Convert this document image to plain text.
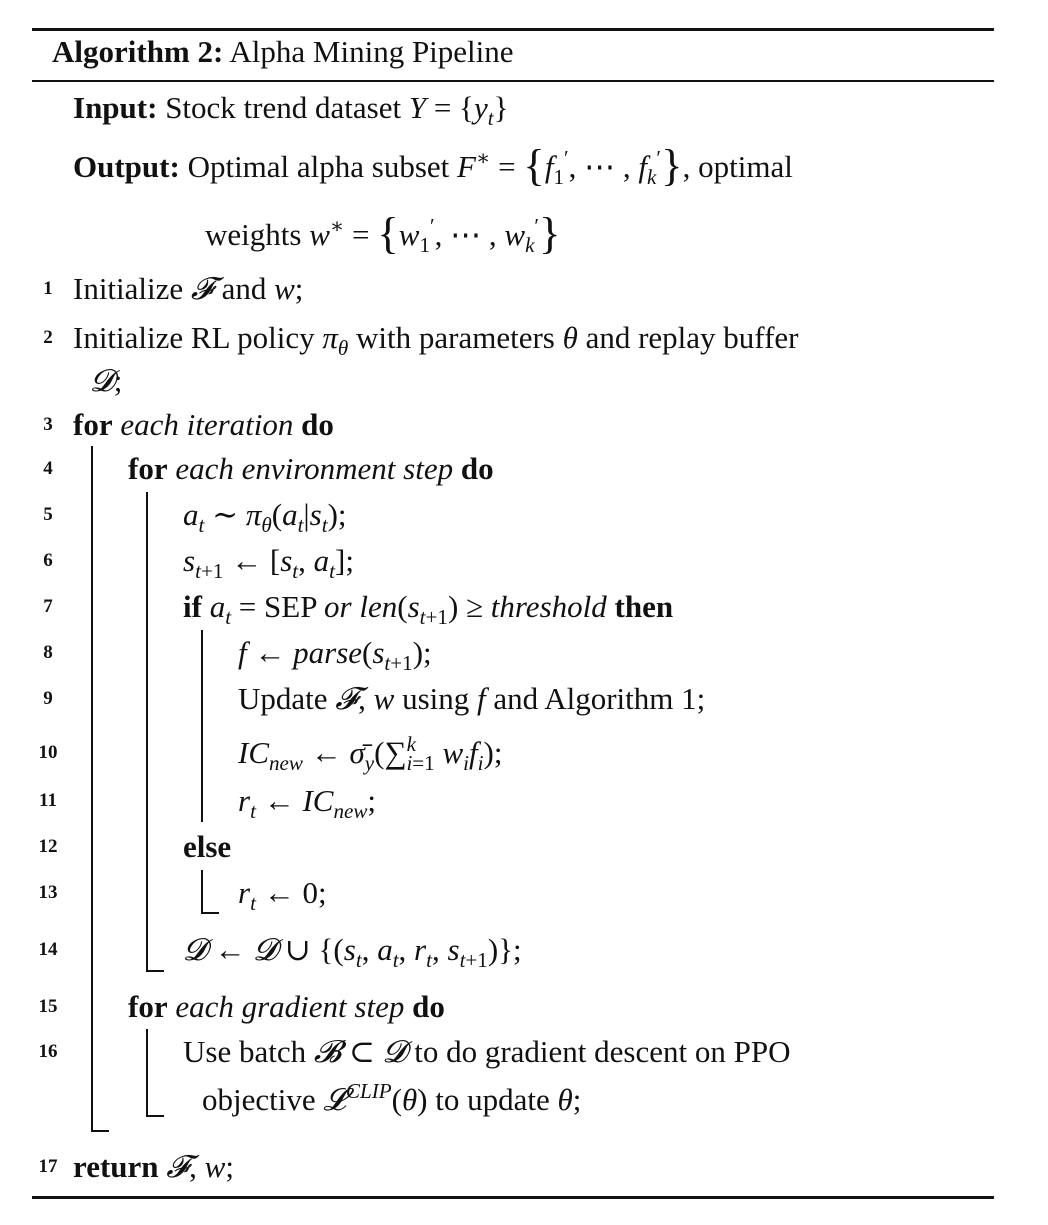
Algorithm 2: Alpha Mining Pipeline
Input: Stock trend dataset $Y = \{y_t\}$
Output: Optimal alpha subset $F^∗ = \{f_1'$, ⋯ , $f_k'$}, optimal
weights $w^∗ = \{w_1'$, ⋯ , $w_k'$}
1
2
3
4
5
6
7
8
9
10
11
12
13
14
15
16
17
Initialize 𝓕 and w;
Initialize RL policy $\pi_\theta$ with parameters θ and replay buffer
𝓓;
for each iteration do
for each environment step do
$a_t$ ∼ $\pi_\theta(a_t|s_t)$;
$s_{t+1}$ ← [$s_t$, $a_t$];
if $a_t$ = SEP or $len(s_{t+1})$ ≥ threshold then
f ← $parse(s_{t+1})$;
Update 𝓕, w using f and Algorithm 1;
$IC_{new}$ ← $\sigmā_y(\sum^k_{i=1}$ $w_if_i$);
$r_t$ ← $IC_{new}$;
else
$r_t$ ← 0;
𝓓 ← 𝓓 ∪ {($s_t$, $a_t$, $r_t$, $s_{t+1}$)};
for each gradient step do
Use batch 𝓑 ⊂ 𝓓 to do gradient descent on PPO
objective 𝓛$^{CLIP}$(θ) to update θ;
return 𝓕, w;
